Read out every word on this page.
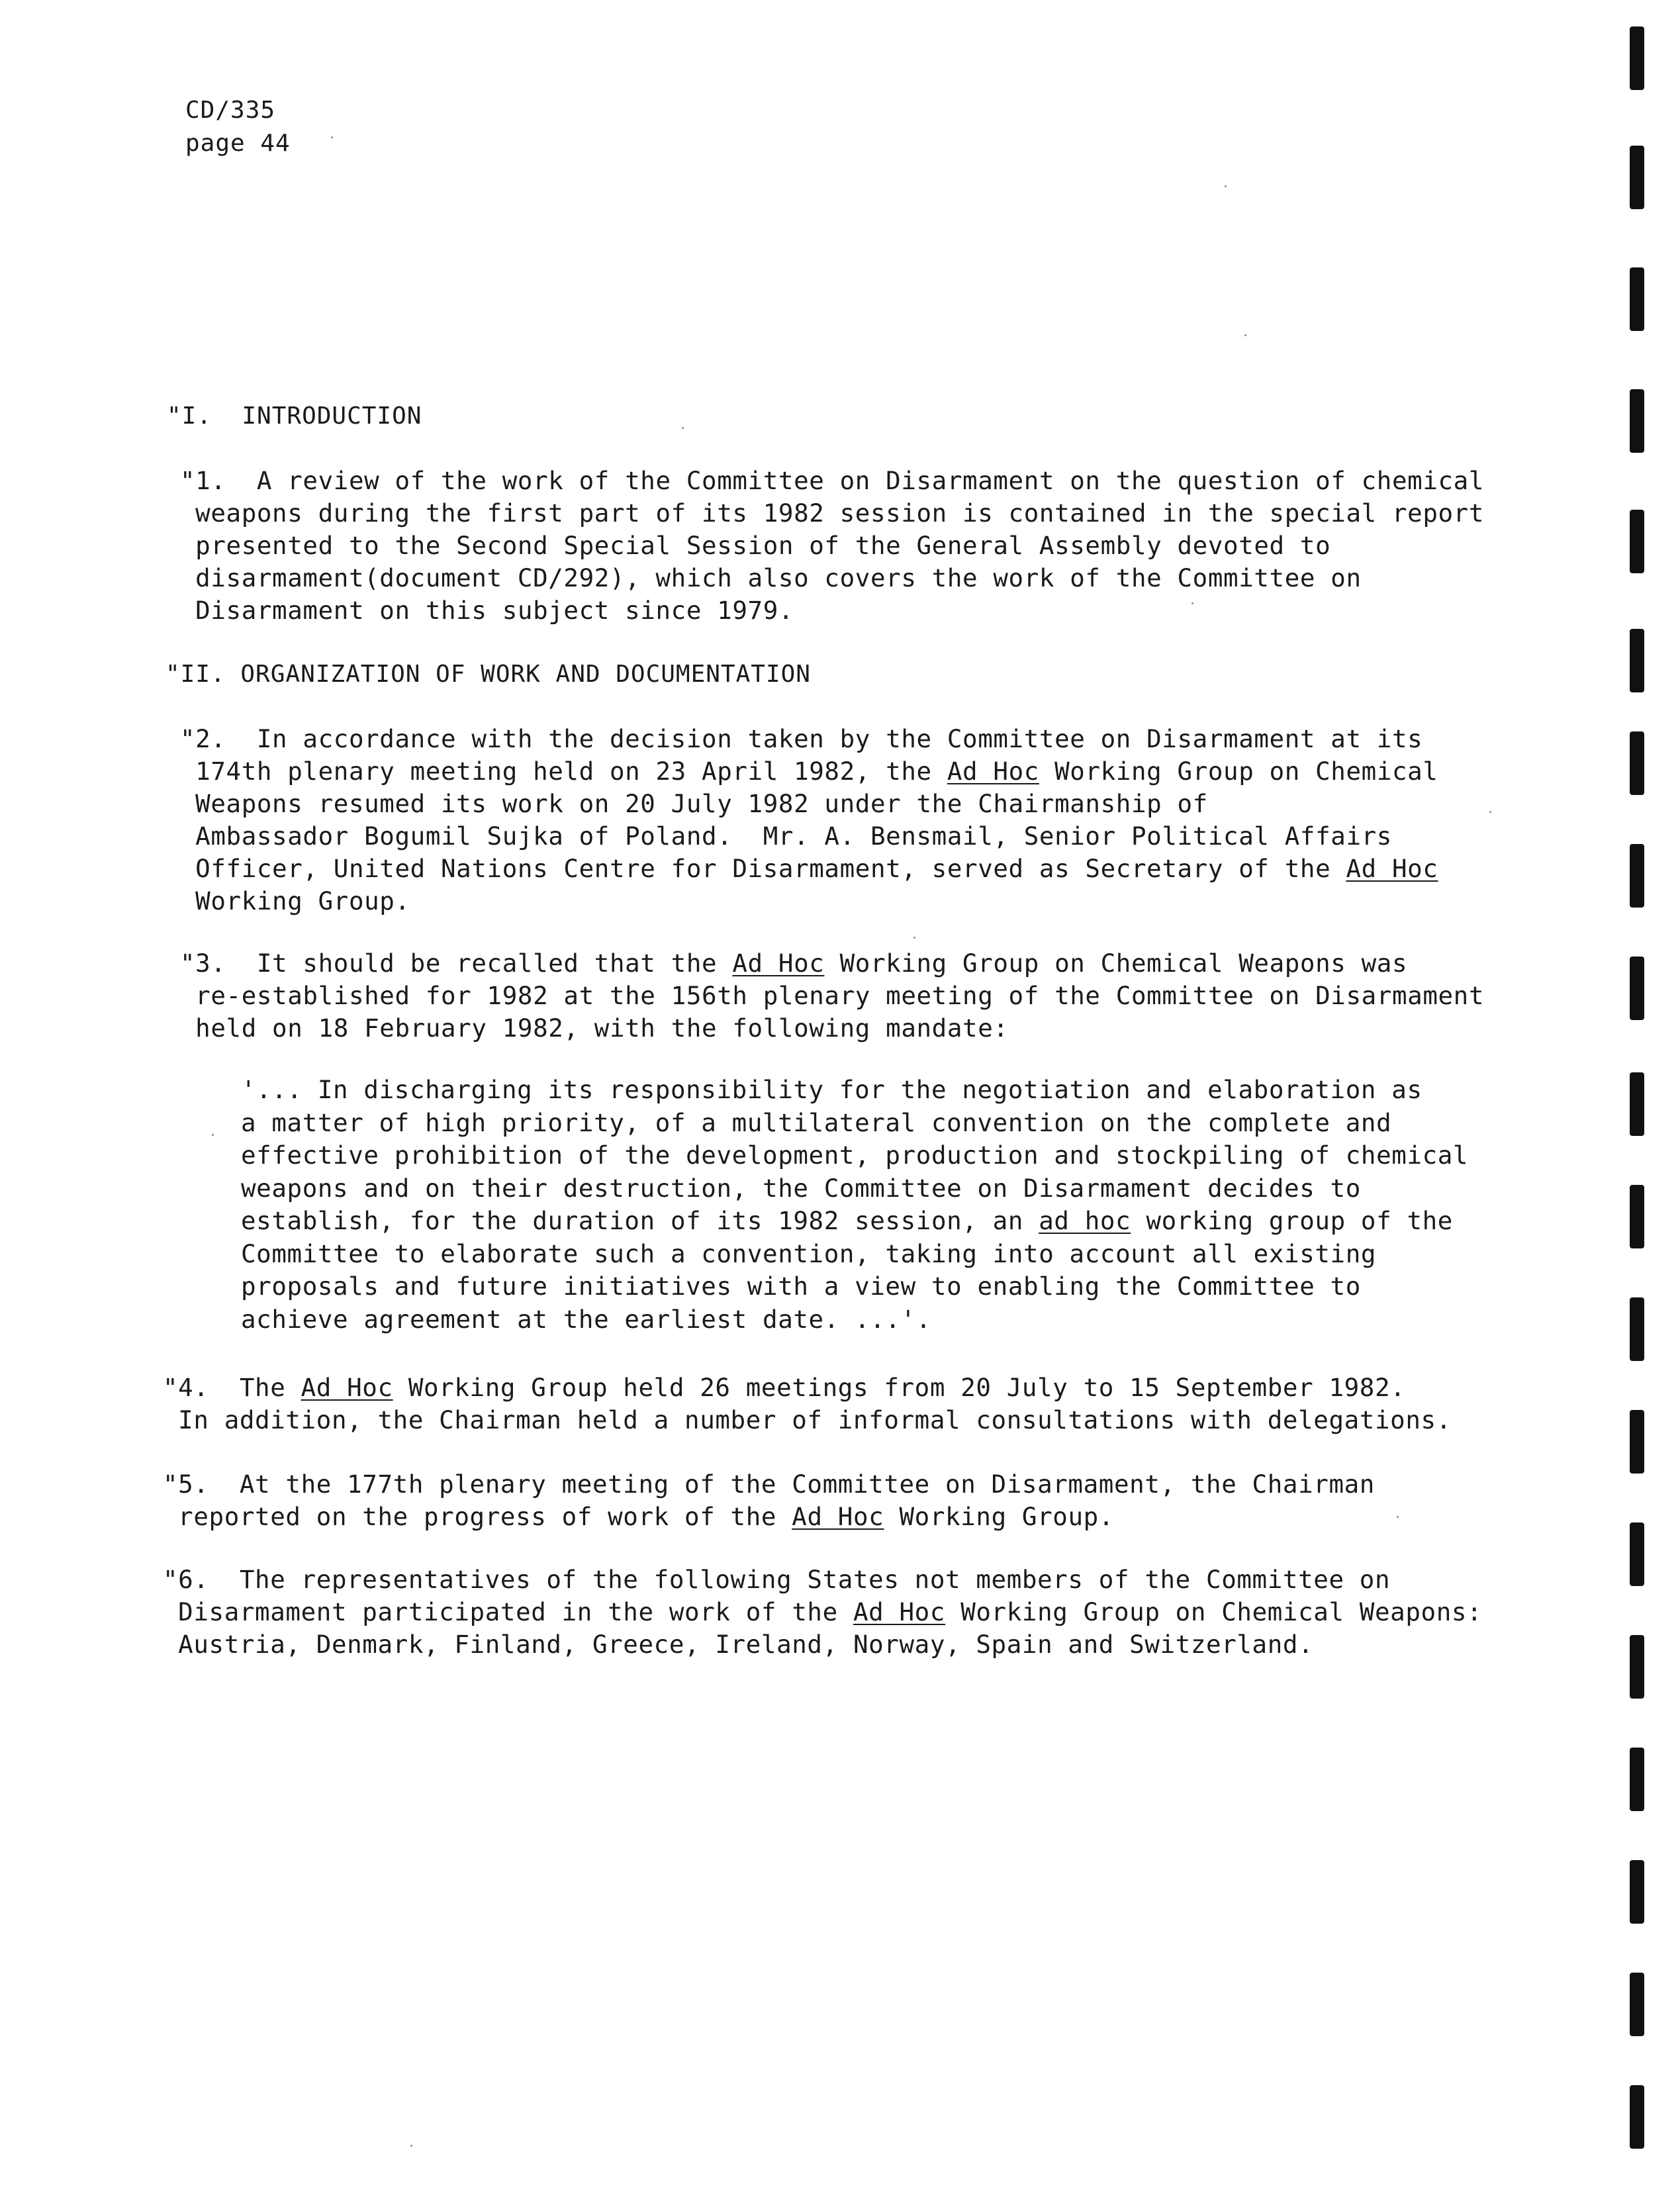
CD/335
page 44
"I.  INTRODUCTION
"1.  A review of the work of the Committee on Disarmament on the question of chemical
weapons during the first part of its 1982 session is contained in the special report
presented to the Second Special Session of the General Assembly devoted to
disarmament(document CD/292), which also covers the work of the Committee on
Disarmament on this subject since 1979.
"II. ORGANIZATION OF WORK AND DOCUMENTATION
"2.  In accordance with the decision taken by the Committee on Disarmament at its
174th plenary meeting held on 23 April 1982, the Ad Hoc Working Group on Chemical
Weapons resumed its work on 20 July 1982 under the Chairmanship of
Ambassador Bogumil Sujka of Poland.  Mr. A. Bensmail, Senior Political Affairs
Officer, United Nations Centre for Disarmament, served as Secretary of the Ad Hoc
Working Group.
"3.  It should be recalled that the Ad Hoc Working Group on Chemical Weapons was
re-established for 1982 at the 156th plenary meeting of the Committee on Disarmament
held on 18 February 1982, with the following mandate:
'... In discharging its responsibility for the negotiation and elaboration as
a matter of high priority, of a multilateral convention on the complete and
effective prohibition of the development, production and stockpiling of chemical
weapons and on their destruction, the Committee on Disarmament decides to
establish, for the duration of its 1982 session, an ad hoc working group of the
Committee to elaborate such a convention, taking into account all existing
proposals and future initiatives with a view to enabling the Committee to
achieve agreement at the earliest date. ...'.
"4.  The Ad Hoc Working Group held 26 meetings from 20 July to 15 September 1982.
In addition, the Chairman held a number of informal consultations with delegations.
"5.  At the 177th plenary meeting of the Committee on Disarmament, the Chairman
reported on the progress of work of the Ad Hoc Working Group.
"6.  The representatives of the following States not members of the Committee on
Disarmament participated in the work of the Ad Hoc Working Group on Chemical Weapons:
Austria, Denmark, Finland, Greece, Ireland, Norway, Spain and Switzerland.
